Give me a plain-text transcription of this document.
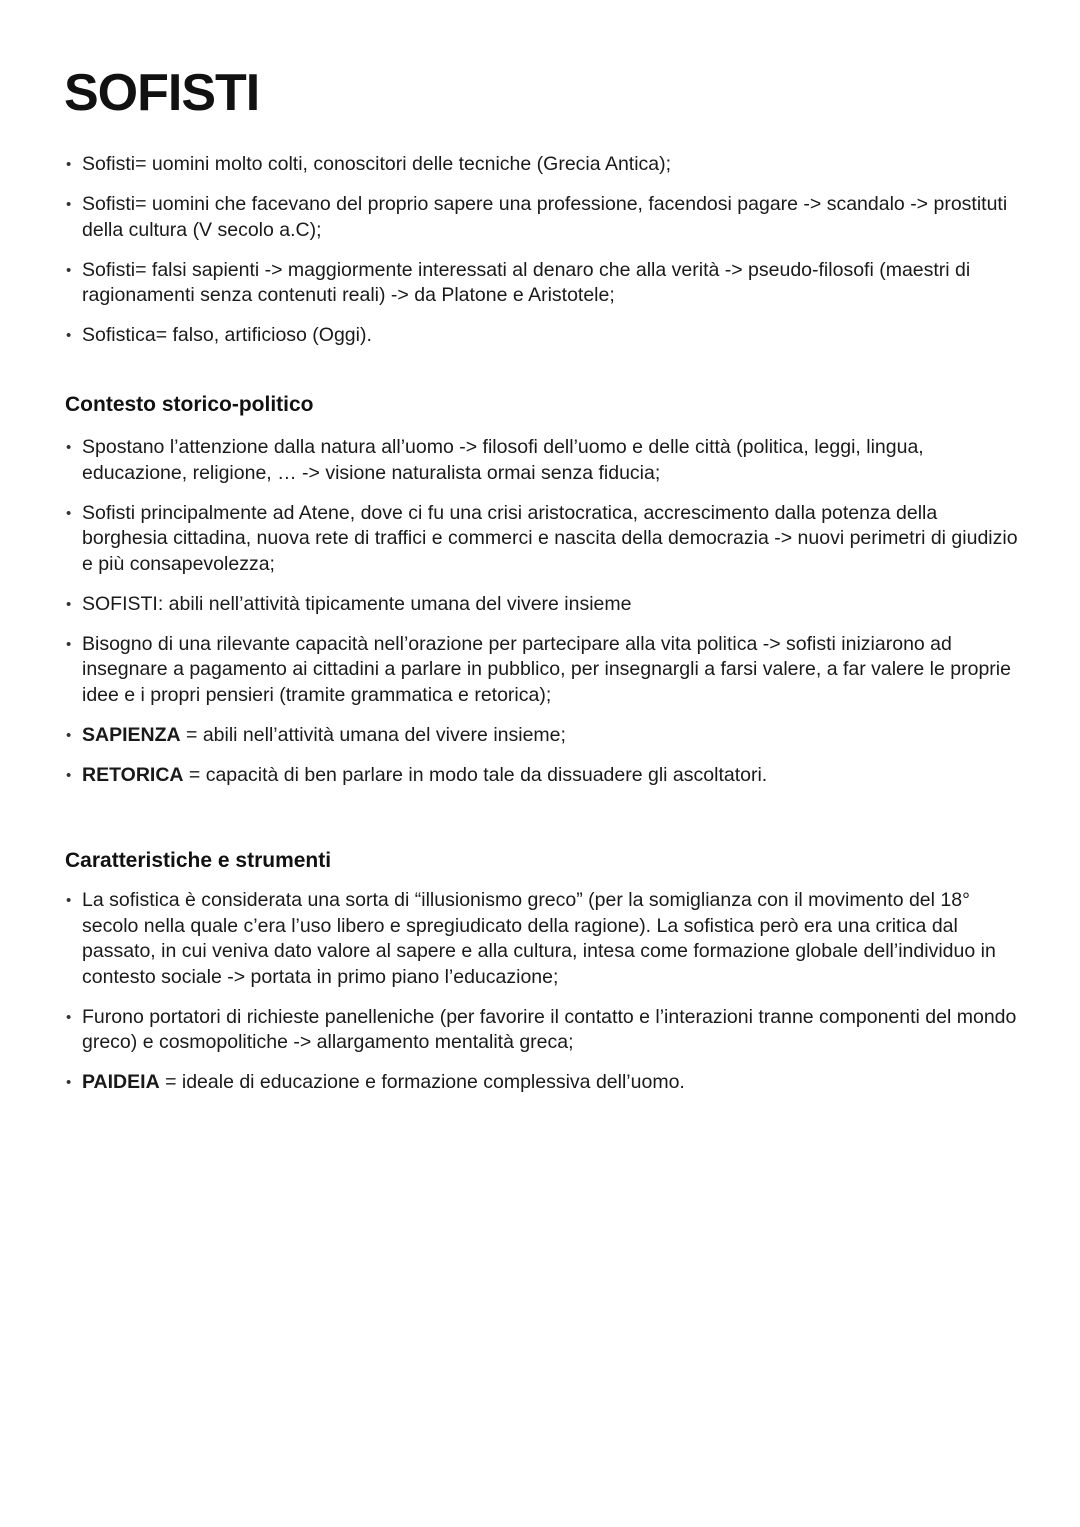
SOFISTI
• Sofisti= uomini molto colti, conoscitori delle tecniche (Grecia Antica);
• Sofisti= uomini che facevano del proprio sapere una professione, facendosi pagare -> scandalo -> prostituti della cultura (V secolo a.C);
• Sofisti= falsi sapienti -> maggiormente interessati al denaro che alla verità -> pseudo-filosofi (maestri di ragionamenti senza contenuti reali) -> da Platone e Aristotele;
• Sofistica= falso, artificioso (Oggi).
Contesto storico-politico
• Spostano l’attenzione dalla natura all’uomo -> filosofi dell’uomo e delle città (politica, leggi, lingua, educazione, religione, … -> visione naturalista ormai senza fiducia;
• Sofisti principalmente ad Atene, dove ci fu una crisi aristocratica, accrescimento dalla potenza della borghesia cittadina, nuova rete di traffici e commerci e nascita della democrazia -> nuovi perimetri di giudizio e più consapevolezza;
• SOFISTI: abili nell’attività tipicamente umana del vivere insieme
• Bisogno di una rilevante capacità nell’orazione per partecipare alla vita politica -> sofisti iniziarono ad insegnare a pagamento ai cittadini a parlare in pubblico, per insegnargli a farsi valere, a far valere le proprie idee e i propri pensieri (tramite grammatica e retorica);
• SAPIENZA = abili nell’attività umana del vivere insieme;
• RETORICA = capacità di ben parlare in modo tale da dissuadere gli ascoltatori.
Caratteristiche e strumenti
• La sofistica è considerata una sorta di “illusionismo greco” (per la somiglianza con il movimento del 18° secolo nella quale c’era l’uso libero e spregiudicato della ragione). La sofistica però era una critica dal passato, in cui veniva dato valore al sapere e alla cultura, intesa come formazione globale dell’individuo in contesto sociale -> portata in primo piano l’educazione;
• Furono portatori di richieste panelleniche (per favorire il contatto e l’interazioni tranne componenti del mondo greco) e cosmopolitiche -> allargamento mentalità greca;
• PAIDEIA = ideale di educazione e formazione complessiva dell’uomo.
